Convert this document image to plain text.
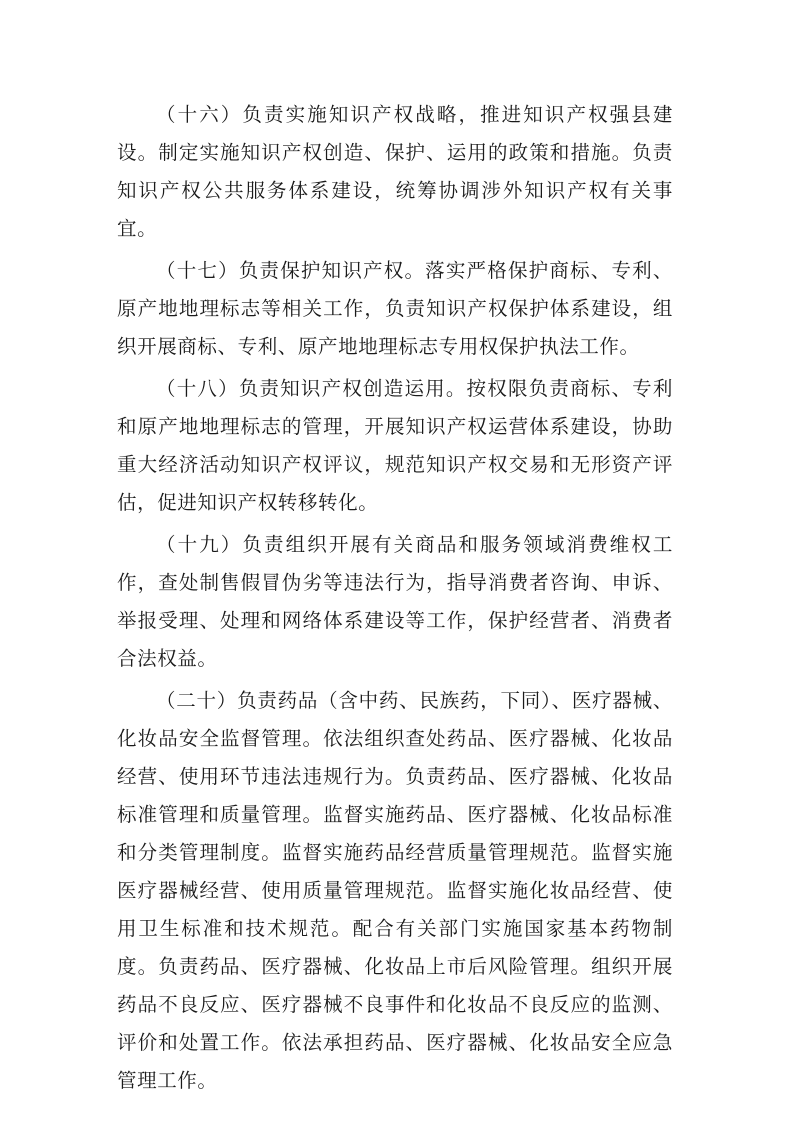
（十六）负责实施知识产权战略，推进知识产权强县建设。制定实施知识产权创造、保护、运用的政策和措施。负责知识产权公共服务体系建设，统筹协调涉外知识产权有关事宜。

（十七）负责保护知识产权。落实严格保护商标、专利、原产地地理标志等相关工作，负责知识产权保护体系建设，组织开展商标、专利、原产地地理标志专用权保护执法工作。

（十八）负责知识产权创造运用。按权限负责商标、专利和原产地地理标志的管理，开展知识产权运营体系建设，协助重大经济活动知识产权评议，规范知识产权交易和无形资产评估，促进知识产权转移转化。

（十九）负责组织开展有关商品和服务领域消费维权工作，查处制售假冒伪劣等违法行为，指导消费者咨询、申诉、举报受理、处理和网络体系建设等工作，保护经营者、消费者合法权益。

（二十）负责药品（含中药、民族药，下同）、医疗器械、化妆品安全监督管理。依法组织查处药品、医疗器械、化妆品经营、使用环节违法违规行为。负责药品、医疗器械、化妆品标准管理和质量管理。监督实施药品、医疗器械、化妆品标准和分类管理制度。监督实施药品经营质量管理规范。监督实施医疗器械经营、使用质量管理规范。监督实施化妆品经营、使用卫生标准和技术规范。配合有关部门实施国家基本药物制度。负责药品、医疗器械、化妆品上市后风险管理。组织开展药品不良反应、医疗器械不良事件和化妆品不良反应的监测、评价和处置工作。依法承担药品、医疗器械、化妆品安全应急管理工作。
